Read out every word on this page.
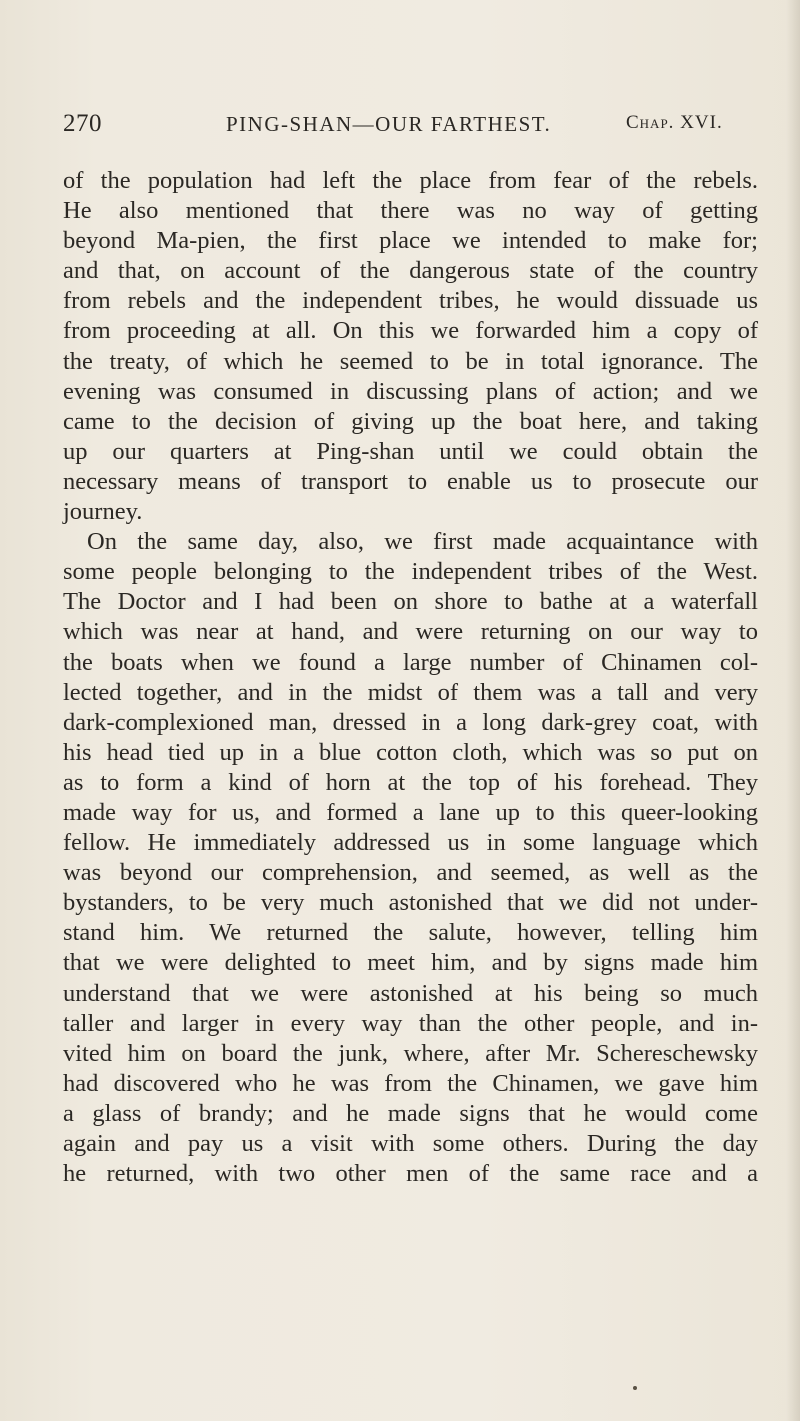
270	PING-SHAN—OUR FARTHEST.	Chap. XVI.
of the population had left the place from fear of the rebels.
He also mentioned that there was no way of getting
beyond Ma-pien, the first place we intended to make for;
and that, on account of the dangerous state of the country
from rebels and the independent tribes, he would dissuade us
from proceeding at all. On this we forwarded him a copy of
the treaty, of which he seemed to be in total ignorance. The
evening was consumed in discussing plans of action; and we
came to the decision of giving up the boat here, and taking
up our quarters at Ping-shan until we could obtain the
necessary means of transport to enable us to prosecute our
journey.
On the same day, also, we first made acquaintance with
some people belonging to the independent tribes of the West.
The Doctor and I had been on shore to bathe at a waterfall
which was near at hand, and were returning on our way to
the boats when we found a large number of Chinamen col-
lected together, and in the midst of them was a tall and very
dark-complexioned man, dressed in a long dark-grey coat, with
his head tied up in a blue cotton cloth, which was so put on
as to form a kind of horn at the top of his forehead. They
made way for us, and formed a lane up to this queer-looking
fellow. He immediately addressed us in some language which
was beyond our comprehension, and seemed, as well as the
bystanders, to be very much astonished that we did not under-
stand him. We returned the salute, however, telling him
that we were delighted to meet him, and by signs made him
understand that we were astonished at his being so much
taller and larger in every way than the other people, and in-
vited him on board the junk, where, after Mr. Schereschewsky
had discovered who he was from the Chinamen, we gave him
a glass of brandy; and he made signs that he would come
again and pay us a visit with some others. During the day
he returned, with two other men of the same race and a
